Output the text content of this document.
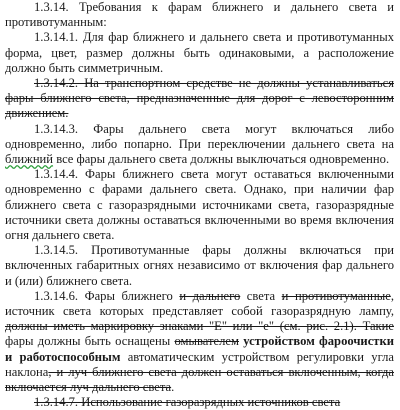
1.3.14. Требования к фарам ближнего и дальнего света и противотуманным:

1.3.14.1. Для фар ближнего и дальнего света и противотуманных форма, цвет, размер должны быть одинаковыми, а расположение должно быть симметричным.

1.3.14.2. На транспортном средстве не должны устанавливаться фары ближнего света, предназначенные для дорог с левосторонним движением.

1.3.14.3. Фары дальнего света могут включаться либо одновременно, либо попарно. При переключении дальнего света на ближний все фары дальнего света должны выключаться одновременно.

1.3.14.4. Фары ближнего света могут оставаться включенными одновременно с фарами дальнего света. Однако, при наличии фар ближнего света с газоразрядными источниками света, газоразрядные источники света должны оставаться включенными во время включения огня дальнего света.

1.3.14.5. Противотуманные фары должны включаться при включенных габаритных огнях независимо от включения фар дальнего и (или) ближнего света.

1.3.14.6. Фары ближнего и дальнего света и противотуманные, источник света которых представляет собой газоразрядную лампу, должны иметь маркировку знаками "E" или "e" (см. рис. 2.1). Такие фары должны быть оснащены омывателем устройством фароочистки и работоспособным автоматическим устройством регулировки угла наклона, и луч ближнего света должен оставаться включенным, когда включается луч дальнего света.

1.3.14.7. Использование газоразрядных источников света
